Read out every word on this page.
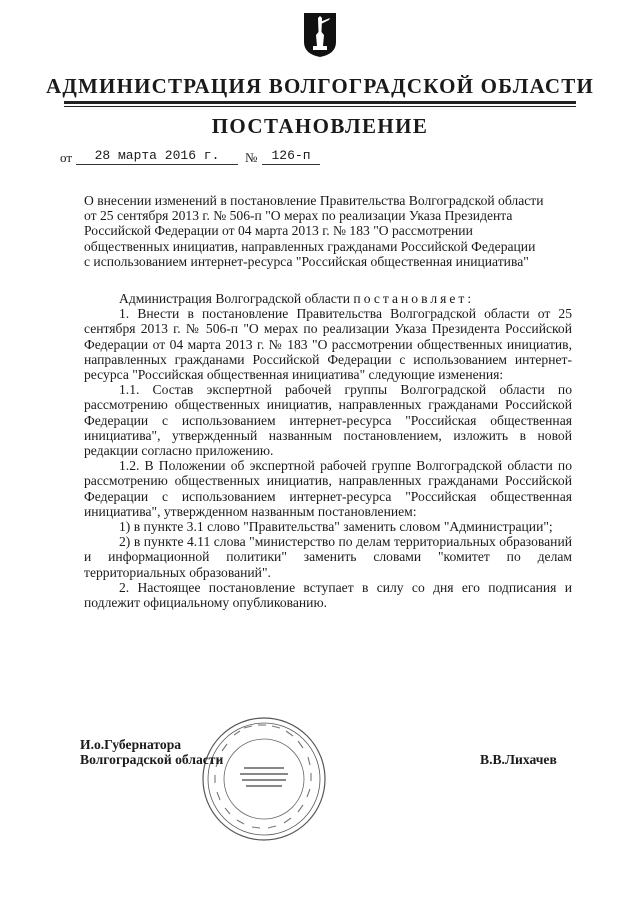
АДМИНИСТРАЦИЯ ВОЛГОГРАДСКОЙ ОБЛАСТИ
ПОСТАНОВЛЕНИЕ
от	28 марта 2016 г.	№	126-п
О внесении изменений в постановление Правительства Волгоградской области
от 25 сентября 2013 г. № 506-п "О мерах по реализации Указа Президента
Российской Федерации от 04 марта 2013 г. № 183 "О рассмотрении
общественных инициатив, направленных гражданами Российской Федерации
с использованием интернет-ресурса "Российская общественная инициатива"

Администрация Волгоградской области постановляет:

1. Внести в постановление Правительства Волгоградской области от 25 сентября 2013 г. № 506-п "О мерах по реализации Указа Президента Российской Федерации от 04 марта 2013 г. № 183 "О рассмотрении общественных инициатив, направленных гражданами Российской Федерации с использованием интернет-ресурса "Российская общественная инициатива" следующие изменения:

1.1. Состав экспертной рабочей группы Волгоградской области по рассмотрению общественных инициатив, направленных гражданами Российской Федерации с использованием интернет-ресурса "Российская общественная инициатива", утвержденный названным постановлением, изложить в новой редакции согласно приложению.

1.2. В Положении об экспертной рабочей группе Волгоградской области по рассмотрению общественных инициатив, направленных гражданами Российской Федерации с использованием интернет-ресурса "Российская общественная инициатива", утвержденном названным постановлением:

1) в пункте 3.1 слово "Правительства" заменить словом "Администрации";

2) в пункте 4.11 слова "министерство по делам территориальных образований и информационной политики" заменить словами "комитет по делам территориальных образований".

2. Настоящее постановление вступает в силу со дня его подписания и подлежит официальному опубликованию.

И.о.Губернатора
Волгоградской области	В.В.Лихачев
